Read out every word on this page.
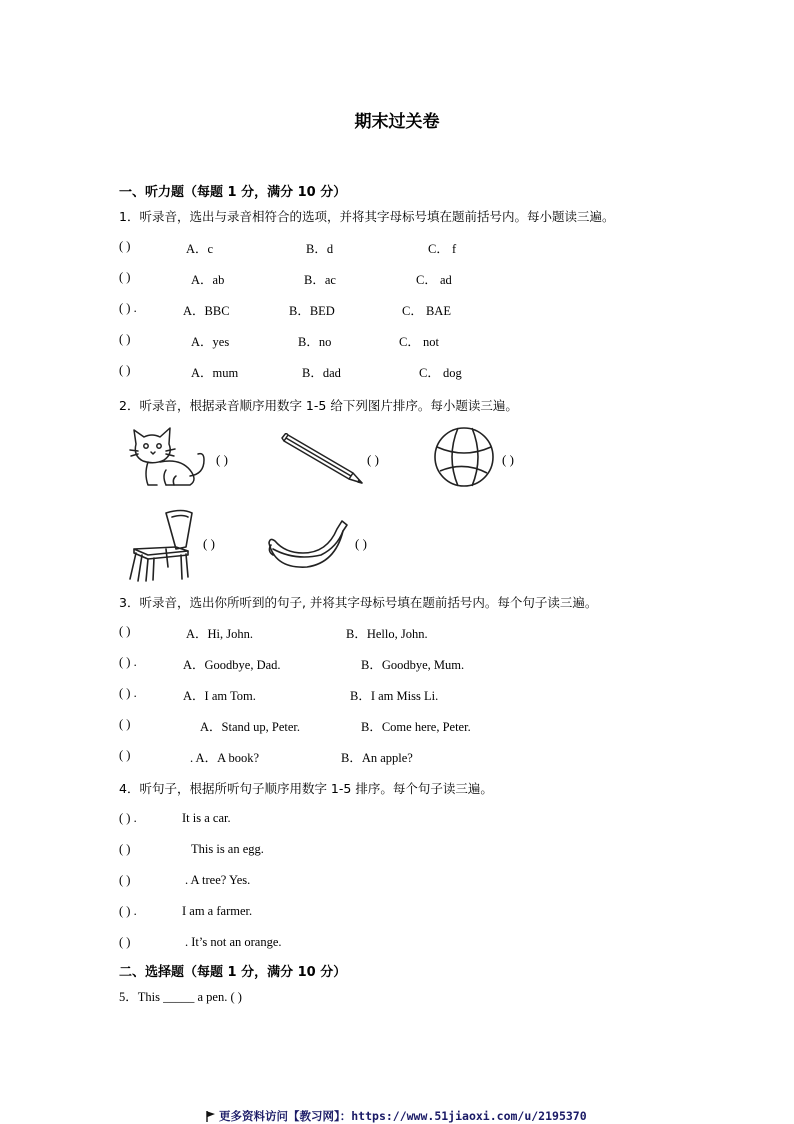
期末过关卷
一、听力题（每题 1 分，满分 10 分）
1．听录音，选出与录音相符合的选项，并将其字母标号填在题前括号内。每小题读三遍。
( )	A．c	B．d	C． f
( )	A．ab	B．ac	C． ad
( ) .	A．BBC	B．BED	C． BAE
( )	A．yes	B．no	C． not
( )	A．mum	B．dad	C． dog
2．听录音，根据录音顺序用数字 1-5 给下列图片排序。每小题读三遍。
( )	( )	( )
( )	( )
3．听录音，选出你所听到的句子, 并将其字母标号填在题前括号内。每个句子读三遍。
( )	A．Hi, John.	B．Hello, John.
( ) .	A．Goodbye, Dad.	B．Goodbye, Mum.
( ) .	A．I am Tom.	B．I am Miss Li.
( )	A．Stand up, Peter.	B．Come here, Peter.
( )	. A．A book?	B．An apple?
4．听句子，根据所听句子顺序用数字 1-5 排序。每个句子读三遍。
( ) .	It is a car.
( )	This is an egg.
( )	. A tree? Yes.
( ) .	I am a farmer.
( )	. It’s not an orange.
二、选择题（每题 1 分，满分 10 分）
5．This _____ a pen. ( )
更多资料访问【教习网】：https://www.51jiaoxi.com/u/2195370
